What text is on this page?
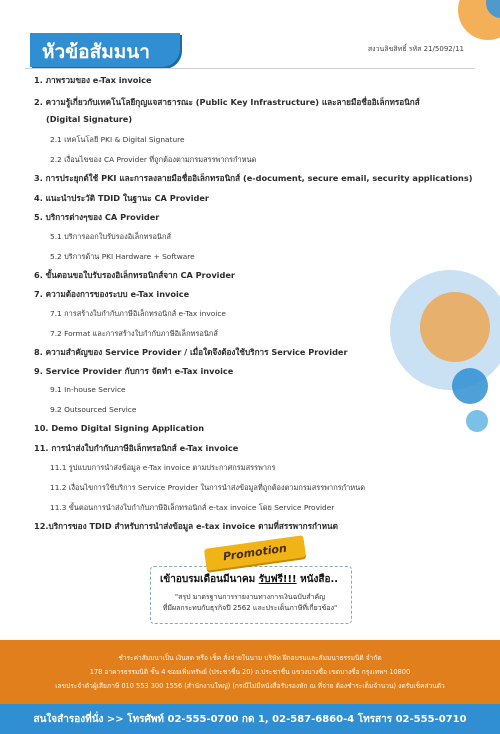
หัวข้อสัมมนา	สงวนลิขสิทธิ์ รหัส 21/5092/11
1. ภาพรวมของ e-Tax invoice
2. ความรู้เกี่ยวกับเทคโนโลยีกุญแจสาธารณะ (Public Key Infrastructure) และลายมือชื่ออิเล็กทรอนิกส์
(Digital Signature)
2.1 เทคโนโลยี PKI & Digital Signature
2.2 เงื่อนไขของ CA Provider ที่ถูกต้องตามกรมสรรพากรกำหนด
3. การประยุกต์ใช้ PKI และการลงลายมือชื่ออิเล็กทรอนิกส์ (e-document, secure email, security applications)
4. แนะนำประวัติ TDID ในฐานะ CA Provider
5. บริการต่างๆของ CA Provider
5.1 บริการออกใบรับรองอิเล็กทรอนิกส์
5.2 บริการด้าน PKI Hardware + Software
6. ขั้นตอนขอใบรับรองอิเล็กทรอนิกส์จาก CA Provider
7. ความต้องการของระบบ e-Tax invoice
7.1 การสร้างใบกำกับภาษีอิเล็กทรอนิกส์ e-Tax invoice
7.2 Format และการสร้างใบกำกับภาษีอิเล็กทรอนิกส์
8. ความสำคัญของ Service Provider / เมื่อใดจึงต้องใช้บริการ Service Provider
9. Service Provider กับการ จัดทำ e-Tax invoice
9.1 In-house Service
9.2 Outsourced Service
10. Demo Digital Signing Application
11. การนำส่งใบกำกับภาษีอิเล็กทรอนิกส์ e-Tax invoice
11.1 รูปแบบการนำส่งข้อมูล e-Tax invoice ตามประกาศกรมสรรพากร
11.2 เงื่อนไขการใช้บริการ Service Provider ในการนำส่งข้อมูลที่ถูกต้องตามกรมสรรพากรกำหนด
11.3 ขั้นตอนการนำส่งใบกำกับภาษีอิเล็กทรอนิกส์ e-tax invoice โดย Service Provider
12.บริการของ TDID สำหรับการนำส่งข้อมูล e-tax invoice ตามที่สรรพากรกำหนด
Promotion
เข้าอบรมเดือนมีนาคม รับฟรี!!! หนังสือ..
"สรุป มาตรฐานการรายงานทางการเงินฉบับสำคัญ
ที่มีผลกระทบกับธุรกิจปี 2562 และประเด็นภาษีที่เกี่ยวข้อง"
ชำระค่าสัมมนาเป็น เงินสด หรือ เช็ค สั่งจ่ายในนาม บริษัท ฝึกอบรมและสัมมนาธรรมนิติ จำกัด
178 อาคารธรรมนิติ ชั้น 4 ซอยเพิ่มทรัพย์ (ประชาชื่น 20) ถ.ประชาชื่น แขวงบางซื่อ เขตบางซื่อ กรุงเทพฯ 10800
เลขประจำตัวผู้เสียภาษี 010 553 300 1556 (สำนักงานใหญ่) (กรณีไม่มีหนังสือรับรองหัก ณ ที่จ่าย ต้องชำระเต็มจำนวน) งดรับเช็คส่วนตัว
สนใจสำรองที่นั่ง >> โทรศัพท์ 02-555-0700 กด 1, 02-587-6860-4 โทรสาร 02-555-0710
